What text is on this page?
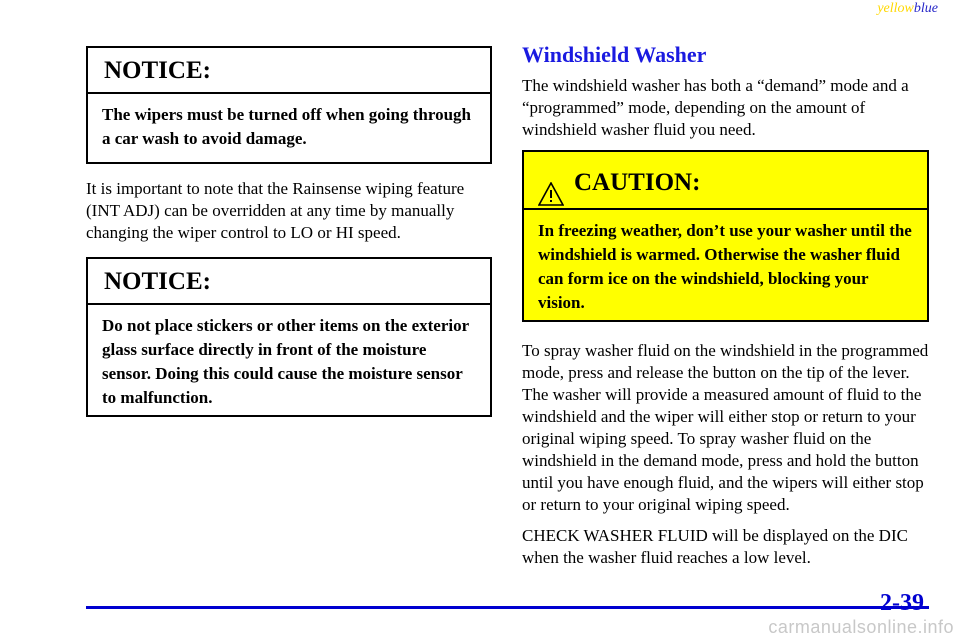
yellowblue
NOTICE:
The wipers must be turned off when going through a car wash to avoid damage.
It is important to note that the Rainsense wiping feature (INT ADJ) can be overridden at any time by manually changing the wiper control to LO or HI speed.
NOTICE:
Do not place stickers or other items on the exterior glass surface directly in front of the moisture sensor. Doing this could cause the moisture sensor to malfunction.
Windshield Washer
The windshield washer has both a “demand” mode and a “programmed” mode, depending on the amount of windshield washer fluid you need.
CAUTION:
In freezing weather, don’t use your washer until the windshield is warmed. Otherwise the washer fluid can form ice on the windshield, blocking your vision.
To spray washer fluid on the windshield in the programmed mode, press and release the button on the tip of the lever. The washer will provide a measured amount of fluid to the windshield and the wiper will either stop or return to your original wiping speed. To spray washer fluid on the windshield in the demand mode, press and hold the button until you have enough fluid, and the wipers will either stop or return to your original wiping speed.
CHECK WASHER FLUID will be displayed on the DIC when the washer fluid reaches a low level.
2-39
carmanualsonline.info
